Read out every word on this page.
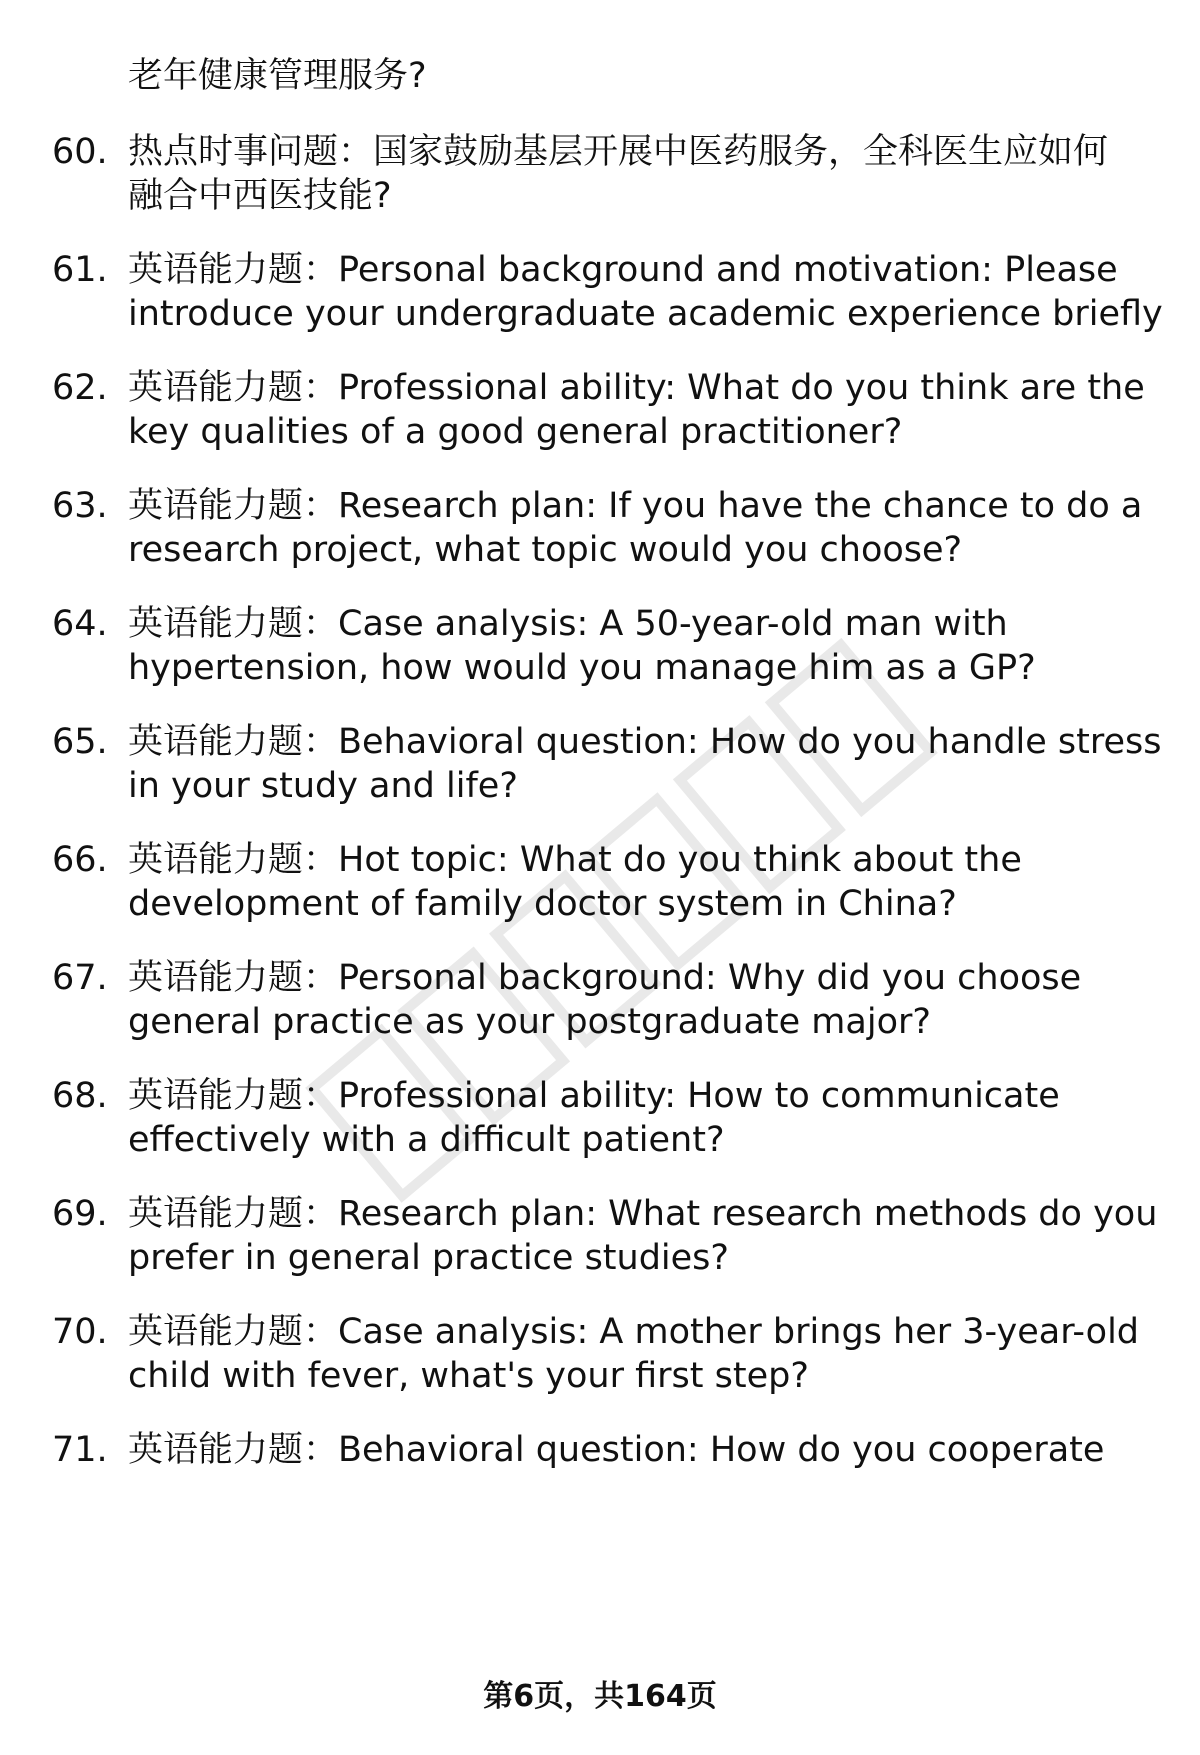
老年健康管理服务?
60. 热点时事问题：国家鼓励基层开展中医药服务，全科医生应如何
融合中西医技能?
61. 英语能力题：Personal background and motivation: Please
introduce your undergraduate academic experience briefly
62. 英语能力题：Professional ability: What do you think are the
key qualities of a good general practitioner?
63. 英语能力题：Research plan: If you have the chance to do a
research project, what topic would you choose?
64. 英语能力题：Case analysis: A 50-year-old man with
hypertension, how would you manage him as a GP?
65. 英语能力题：Behavioral question: How do you handle stress
in your study and life?
66. 英语能力题：Hot topic: What do you think about the
development of family doctor system in China?
67. 英语能力题：Personal background: Why did you choose
general practice as your postgraduate major?
68. 英语能力题：Professional ability: How to communicate
effectively with a difficult patient?
69. 英语能力题：Research plan: What research methods do you
prefer in general practice studies?
70. 英语能力题：Case analysis: A mother brings her 3-year-old
child with fever, what's your first step?
71. 英语能力题：Behavioral question: How do you cooperate
第6页，共164页
